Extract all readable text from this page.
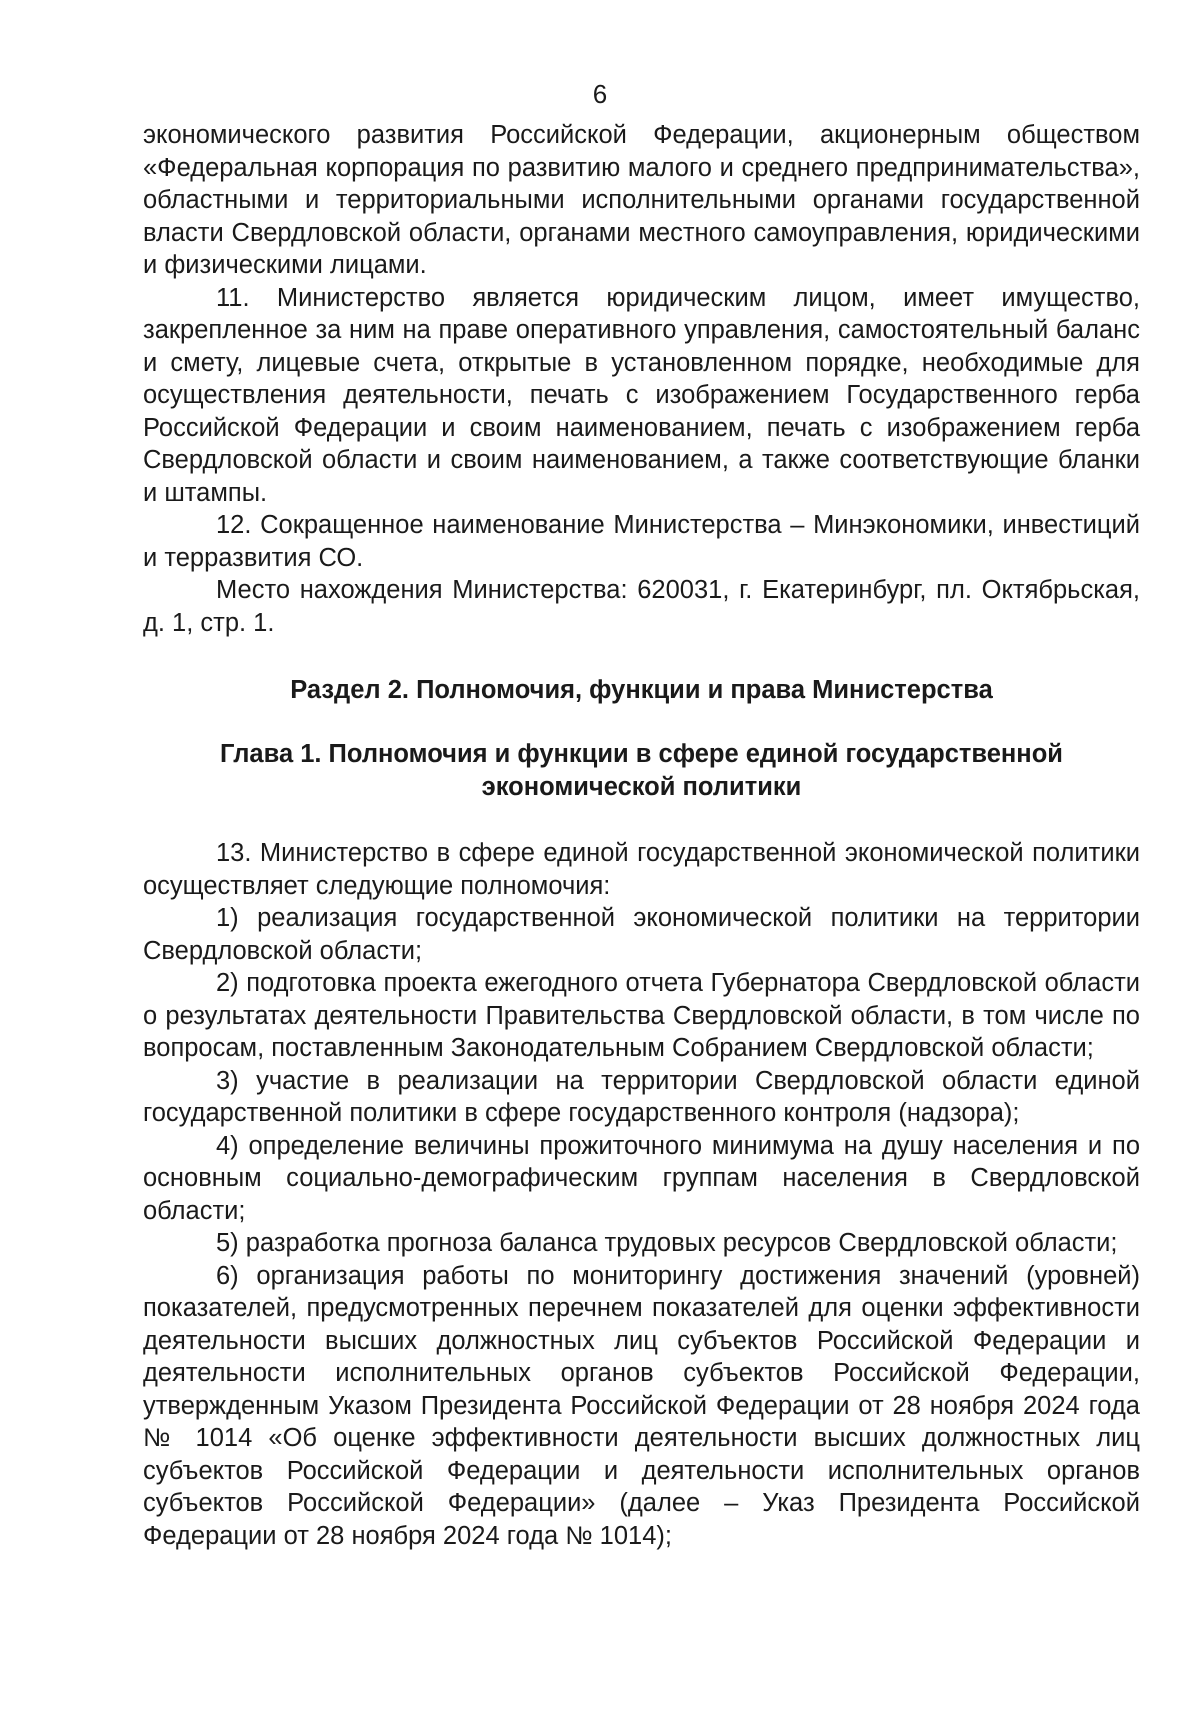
6

экономического развития Российской Федерации, акционерным обществом «Федеральная корпорация по развитию малого и среднего предпринимательства», областными и территориальными исполнительными органами государственной власти Свердловской области, органами местного самоуправления, юридическими и физическими лицами.

11. Министерство является юридическим лицом, имеет имущество, закрепленное за ним на праве оперативного управления, самостоятельный баланс и смету, лицевые счета, открытые в установленном порядке, необходимые для осуществления деятельности, печать с изображением Государственного герба Российской Федерации и своим наименованием, печать с изображением герба Свердловской области и своим наименованием, а также соответствующие бланки и штампы.

12. Сокращенное наименование Министерства – Минэкономики, инвестиций и терразвития СО.

Место нахождения Министерства: 620031, г. Екатеринбург, пл. Октябрьская, д. 1, стр. 1.

Раздел 2. Полномочия, функции и права Министерства

Глава 1. Полномочия и функции в сфере единой государственной

экономической политики

13. Министерство в сфере единой государственной экономической политики осуществляет следующие полномочия:

1) реализация государственной экономической политики на территории Свердловской области;

2) подготовка проекта ежегодного отчета Губернатора Свердловской области о результатах деятельности Правительства Свердловской области, в том числе по вопросам, поставленным Законодательным Собранием Свердловской области;

3) участие в реализации на территории Свердловской области единой государственной политики в сфере государственного контроля (надзора);

4) определение величины прожиточного минимума на душу населения и по основным социально-демографическим группам населения в Свердловской области;

5) разработка прогноза баланса трудовых ресурсов Свердловской области;

6) организация работы по мониторингу достижения значений (уровней) показателей, предусмотренных перечнем показателей для оценки эффективности деятельности высших должностных лиц субъектов Российской Федерации и деятельности исполнительных органов субъектов Российской Федерации, утвержденным Указом Президента Российской Федерации от 28 ноября 2024 года № 1014 «Об оценке эффективности деятельности высших должностных лиц субъектов Российской Федерации и деятельности исполнительных органов субъектов Российской Федерации» (далее – Указ Президента Российской Федерации от 28 ноября 2024 года № 1014);
